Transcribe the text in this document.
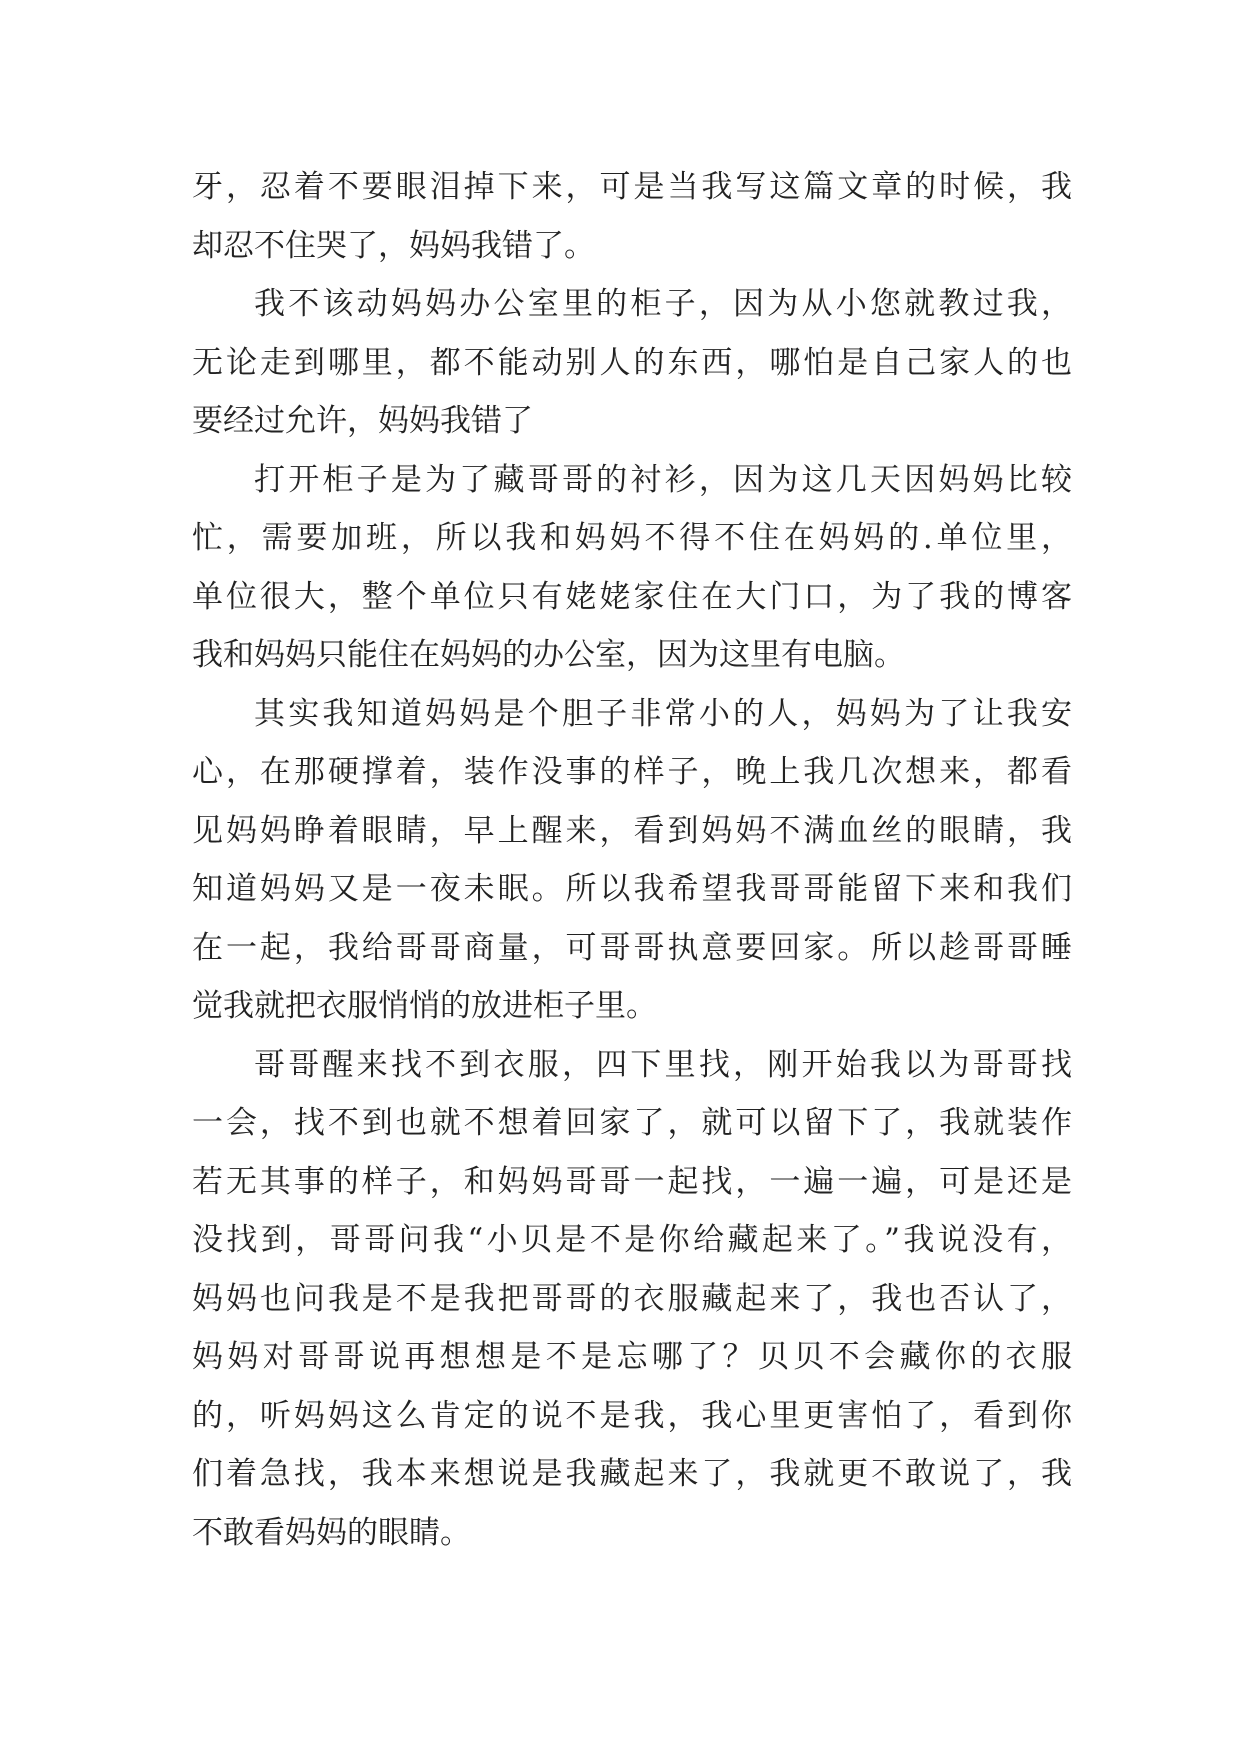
牙，忍着不要眼泪掉下来，可是当我写这篇文章的时候，我
却忍不住哭了，妈妈我错了。
我不该动妈妈办公室里的柜子，因为从小您就教过我，
无论走到哪里，都不能动别人的东西，哪怕是自己家人的也
要经过允许，妈妈我错了
打开柜子是为了藏哥哥的衬衫，因为这几天因妈妈比较
忙，需要加班，所以我和妈妈不得不住在妈妈的.单位里，
单位很大，整个单位只有姥姥家住在大门口，为了我的博客
我和妈妈只能住在妈妈的办公室，因为这里有电脑。
其实我知道妈妈是个胆子非常小的人，妈妈为了让我安
心，在那硬撑着，装作没事的样子，晚上我几次想来，都看
见妈妈睁着眼睛，早上醒来，看到妈妈不满血丝的眼睛，我
知道妈妈又是一夜未眠。所以我希望我哥哥能留下来和我们
在一起，我给哥哥商量，可哥哥执意要回家。所以趁哥哥睡
觉我就把衣服悄悄的放进柜子里。
哥哥醒来找不到衣服，四下里找，刚开始我以为哥哥找
一会，找不到也就不想着回家了，就可以留下了，我就装作
若无其事的样子，和妈妈哥哥一起找，一遍一遍，可是还是
没找到，哥哥问我“小贝是不是你给藏起来了。”我说没有，
妈妈也问我是不是我把哥哥的衣服藏起来了，我也否认了，
妈妈对哥哥说再想想是不是忘哪了？贝贝不会藏你的衣服
的，听妈妈这么肯定的说不是我，我心里更害怕了，看到你
们着急找，我本来想说是我藏起来了，我就更不敢说了，我
不敢看妈妈的眼睛。
